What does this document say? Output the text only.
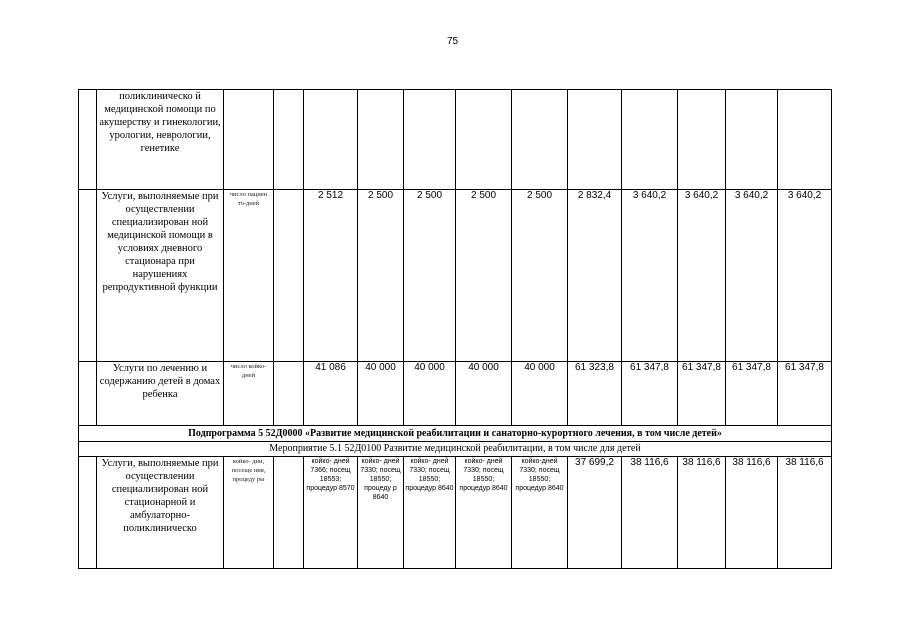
75
	поликлиническо й медицинской помощи по акушерству и гинекологии, урологии, неврологии, генетике												
	Услуги, выполняемые при осуществлении специализирован ной медицинской помощи в условиях дневного стационара при нарушениях репродуктивной функции	число пациен то-дней		2 512	2 500	2 500	2 500	2 500	2 832,4	3 640,2	3 640,2	3 640,2	3 640,2
	Услуги по лечению и содержанию детей в домах ребенка	число койко- дней		41 086	40 000	40 000	40 000	40 000	61 323,8	61 347,8	61 347,8	61 347,8	61 347,8
Подпрограмма 5 52Д0000 «Развитие медицинской реабилитации и санаторно-курортного лечения, в том числе детей»													
Мероприятие 5.1 52Д0100 Развитие медицинской реабилитации, в том числе для детей													
	Услуги, выполняемые при осуществлении специализирован ной стационарной и амбулаторно- поликлиническо	койко- дни, посеще ния, процеду ры		койко- дней 7366; посещ 18553; процедур 8570	койко- дней 7330; посещ 18550; процеду р 8640	койко- дней 7330; посещ 18550; процедур 8640	койко- дней 7330; посещ 18550; процедур 8640	койко-дней 7330; посещ 18550; процедур 8640	37 699,2	38 116,6	38 116,6	38 116,6	38 116,6
